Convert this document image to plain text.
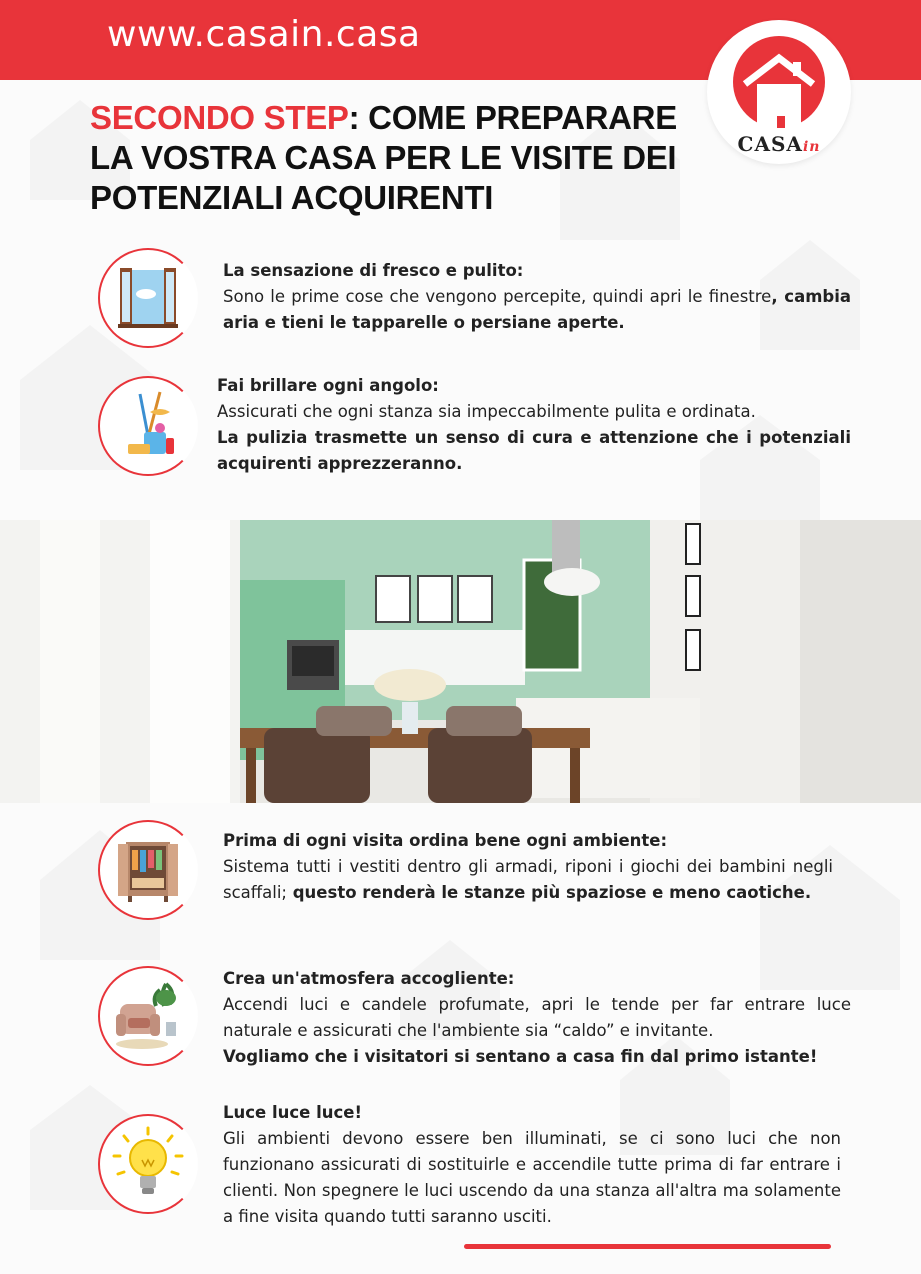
www.casain.casa
CASAin
SECONDO STEP: COME PREPARARE LA VOSTRA CASA PER LE VISITE DEI POTENZIALI ACQUIRENTI
La sensazione di fresco e pulito:
Sono le prime cose che vengono percepite, quindi apri le finestre, cambia aria e tieni le tapparelle o persiane aperte.
Fai brillare ogni angolo:
Assicurati che ogni stanza sia impeccabilmente pulita e ordinata.
La pulizia trasmette un senso di cura e attenzione che i potenziali acquirenti apprezzeranno.
Prima di ogni visita ordina bene ogni ambiente:
Sistema tutti i vestiti dentro gli armadi, riponi i giochi dei bambini negli scaffali; questo renderà le stanze più spaziose e meno caotiche.
Crea un'atmosfera accogliente:
Accendi luci e candele profumate, apri le tende per far entrare luce naturale e assicurati che l'ambiente sia “caldo” e invitante.
Vogliamo che i visitatori si sentano a casa fin dal primo istante!
Luce luce luce!
Gli ambienti devono essere ben illuminati, se ci sono luci che non funzionano assicurati di sostituirle e accendile tutte prima di far entrare i clienti. Non spegnere le luci uscendo da una stanza all'altra ma solamente a fine visita quando tutti saranno usciti.
